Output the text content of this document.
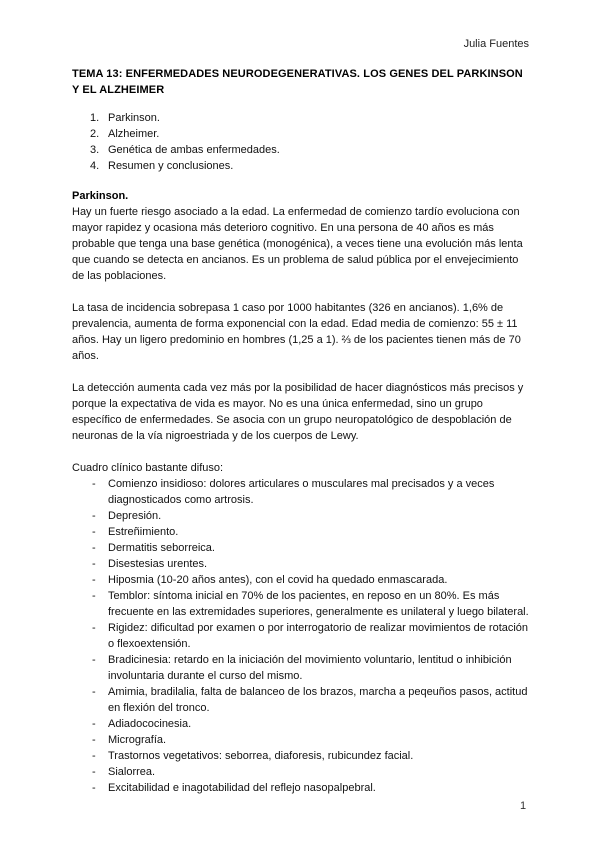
Julia Fuentes
TEMA 13: ENFERMEDADES NEURODEGENERATIVAS. LOS GENES DEL PARKINSON Y EL ALZHEIMER
1. Parkinson.
2. Alzheimer.
3. Genética de ambas enfermedades.
4. Resumen y conclusiones.
Parkinson.

Hay un fuerte riesgo asociado a la edad. La enfermedad de comienzo tardío evoluciona con mayor rapidez y ocasiona más deterioro cognitivo. En una persona de 40 años es más probable que tenga una base genética (monogénica), a veces tiene una evolución más lenta que cuando se detecta en ancianos. Es un problema de salud pública por el envejecimiento de las poblaciones.

La tasa de incidencia sobrepasa 1 caso por 1000 habitantes (326 en ancianos). 1,6% de prevalencia, aumenta de forma exponencial con la edad. Edad media de comienzo: 55 ± 11 años. Hay un ligero predominio en hombres (1,25 a 1). ⅔ de los pacientes tienen más de 70 años.

La detección aumenta cada vez más por la posibilidad de hacer diagnósticos más precisos y porque la expectativa de vida es mayor. No es una única enfermedad, sino un grupo específico de enfermedades. Se asocia con un grupo neuropatológico de despoblación de neuronas de la vía nigroestriada y de los cuerpos de Lewy.

Cuadro clínico bastante difuso:

- Comienzo insidioso: dolores articulares o musculares mal precisados y a veces diagnosticados como artrosis.
- Depresión.
- Estreñimiento.
- Dermatitis seborreica.
- Disestesias urentes.
- Hiposmia (10-20 años antes), con el covid ha quedado enmascarada.
- Temblor: síntoma inicial en 70% de los pacientes, en reposo en un 80%. Es más frecuente en las extremidades superiores, generalmente es unilateral y luego bilateral.
- Rigidez: dificultad por examen o por interrogatorio de realizar movimientos de rotación o flexoextensión.
- Bradicinesia: retardo en la iniciación del movimiento voluntario, lentitud o inhibición involuntaria durante el curso del mismo.
- Amimia, bradilalia, falta de balanceo de los brazos, marcha a peqeuños pasos, actitud en flexión del tronco.
- Adiadococinesia.
- Micrografía.
- Trastornos vegetativos: seborrea, diaforesis, rubicundez facial.
- Sialorrea.
- Excitabilidad e inagotabilidad del reflejo nasopalpebral.
1
